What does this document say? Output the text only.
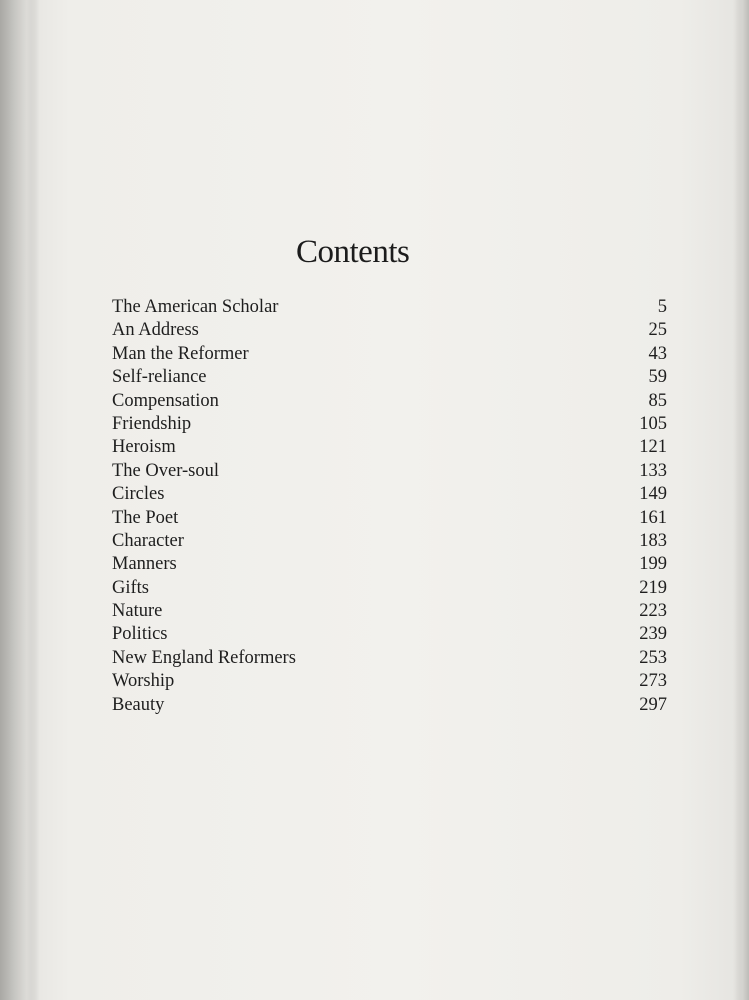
Contents
The American Scholar	5
An Address	25
Man the Reformer	43
Self-reliance	59
Compensation	85
Friendship	105
Heroism	121
The Over-soul	133
Circles	149
The Poet	161
Character	183
Manners	199
Gifts	219
Nature	223
Politics	239
New England Reformers	253
Worship	273
Beauty	297
